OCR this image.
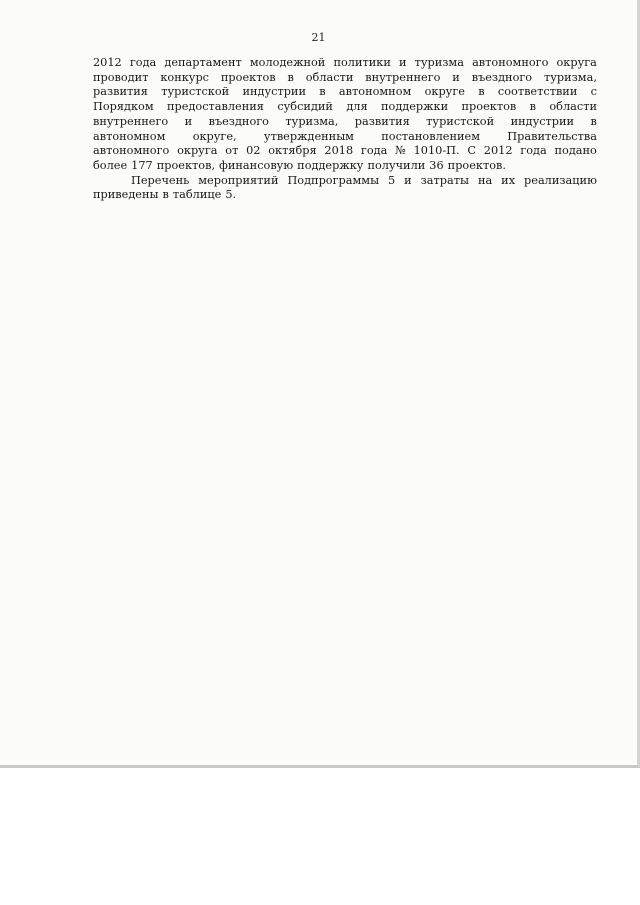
21
2012 года департамент молодежной политики и туризма автономного округа
проводит конкурс проектов в области внутреннего и въездного туризма,
развития туристской индустрии в автономном округе в соответствии с
Порядком предоставления субсидий для поддержки проектов в области
внутреннего и въездного туризма, развития туристской индустрии в
автономном округе, утвержденным постановлением Правительства
автономного округа от 02 октября 2018 года № 1010-П. С 2012 года подано
более 177 проектов, финансовую поддержку получили 36 проектов.
Перечень мероприятий Подпрограммы 5 и затраты на их реализацию
приведены в таблице 5.
